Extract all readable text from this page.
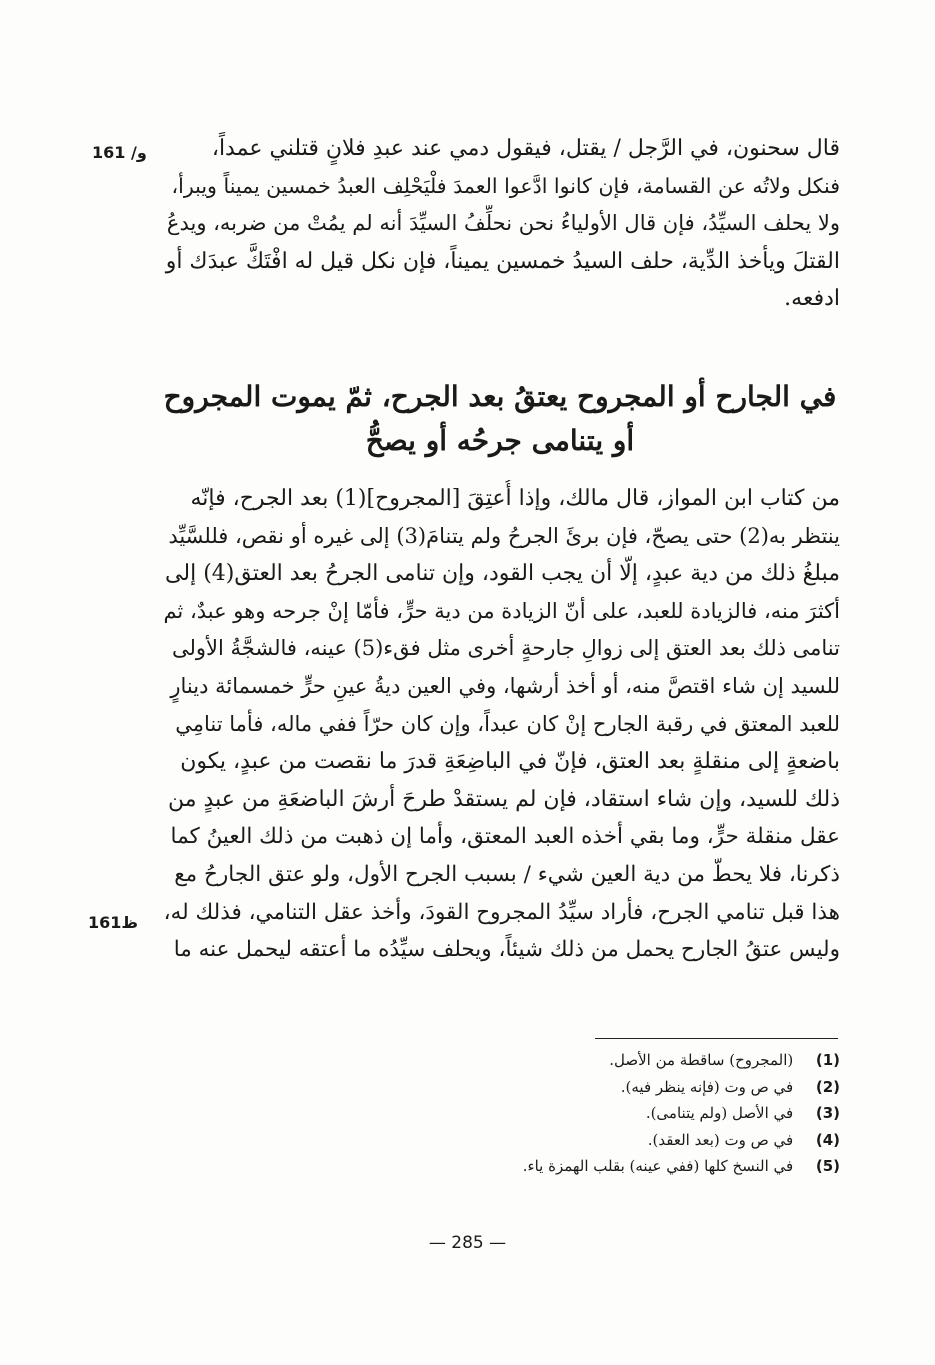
161 /و
161ظ
قال سحنون، في الرَّجل / يقتل، فيقول دمي عند عبدِ فلانٍ قتلني عمداً،
فنكل ولاتُه عن القسامة، فإن كانوا ادَّعوا العمدَ فلْيَحْلِف العبدُ خمسين يميناً ويبرأ،
ولا يحلف السيِّدُ، فإن قال الأولياءُ نحن نحلِّفُ السيِّدَ أنه لم يمُتْ من ضربه، ويدعُ
القتلَ ويأخذ الدِّية، حلف السيدُ خمسين يميناً، فإن نكل قيل له افْتَكَّ عبدَك أو
ادفعه.
في الجارح أو المجروح يعتقُ بعد الجرح، ثمّ يموت المجروح
أو يتنامى جرحُه أو يصحُّ
من كتاب ابن المواز، قال مالك، وإذا أُعتِقَ [المجروح](1) بعد الجرح، فإنّه
ينتظر به(2) حتى يصحّ، فإن برئَ الجرحُ ولم يتنامَ(3) إلى غيره أو نقص، فللسَّيِّد
مبلغُ ذلك من دية عبدٍ، إلّا أن يجب القود، وإن تنامى الجرحُ بعد العتق(4) إلى
أكثرَ منه، فالزيادة للعبد، على أنّ الزيادة من دية حرٍّ، فأمّا إنْ جرحه وهو عبدٌ، ثم
تنامى ذلك بعد العتق إلى زوالِ جارحةٍ أخرى مثل فقء(5) عينه، فالشجَّةُ الأولى
للسيد إن شاء اقتصَّ منه، أو أخذ أرشها، وفي العين ديةُ عينِ حرٍّ خمسمائة دينارٍ
للعبد المعتق في رقبة الجارح إنْ كان عبداً، وإن كان حرّاً ففي ماله، فأما تنامِي
باضعةٍ إلى منقلةٍ بعد العتق، فإنّ في الباضِعَةِ قدرَ ما نقصت من عبدٍ، يكون
ذلك للسيد، وإن شاء استقاد، فإن لم يستقدْ طرحَ أرشَ الباضعَةِ من عبدٍ من
عقل منقلة حرٍّ، وما بقي أخذه العبد المعتق، وأما إن ذهبت من ذلك العينُ كما
ذكرنا، فلا يحطّ من دية العين شيء / بسبب الجرح الأول، ولو عتق الجارحُ مع
هذا قبل تنامي الجرح، فأراد سيِّدُ المجروح القودَ، وأخذ عقل التنامي، فذلك له،
وليس عتقُ الجارح يحمل من ذلك شيئاً، ويحلف سيِّدُه ما أعتقه ليحمل عنه ما
(1) (المجروح) ساقطة من الأصل.
(2) في ص وت (فإنه ينظر فيه).
(3) في الأصل (ولم يتنامى).
(4) في ص وت (بعد العقد).
(5) في النسخ كلها (ففي عينه) بقلب الهمزة ياء.
— 285 —
